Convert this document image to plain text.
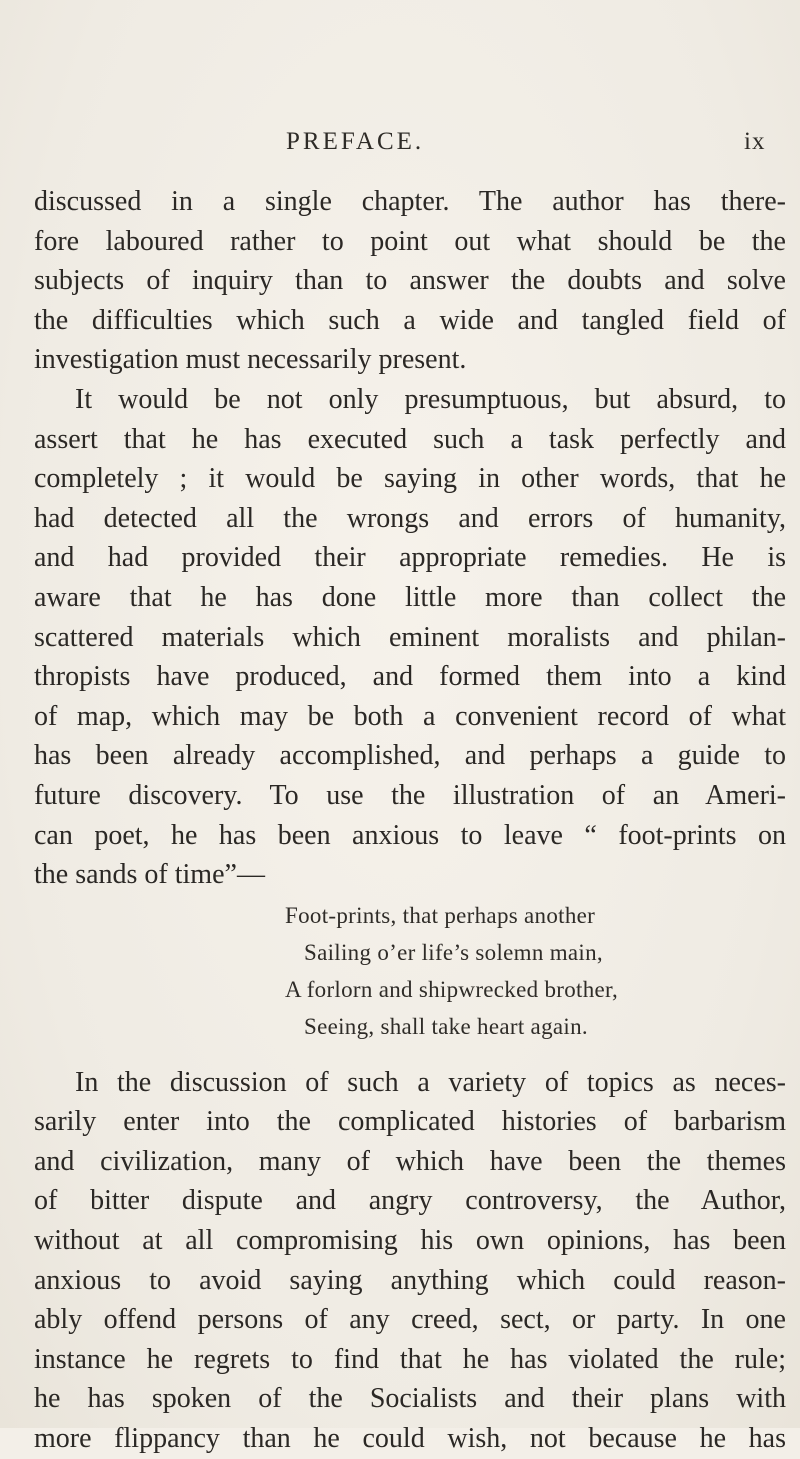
PREFACE.	ix
discussed in a single chapter. The author has there-
fore laboured rather to point out what should be the
subjects of inquiry than to answer the doubts and solve
the difficulties which such a wide and tangled field of
investigation must necessarily present.
It would be not only presumptuous, but absurd, to
assert that he has executed such a task perfectly and
completely ; it would be saying in other words, that he
had detected all the wrongs and errors of humanity,
and had provided their appropriate remedies. He is
aware that he has done little more than collect the
scattered materials which eminent moralists and philan-
thropists have produced, and formed them into a kind
of map, which may be both a convenient record of what
has been already accomplished, and perhaps a guide to
future discovery. To use the illustration of an Ameri-
can poet, he has been anxious to leave “ foot-prints on
the sands of time”—
Foot-prints, that perhaps another
Sailing o’er life’s solemn main,
A forlorn and shipwrecked brother,
Seeing, shall take heart again.
In the discussion of such a variety of topics as neces-
sarily enter into the complicated histories of barbarism
and civilization, many of which have been the themes
of bitter dispute and angry controversy, the Author,
without at all compromising his own opinions, has been
anxious to avoid saying anything which could reason-
ably offend persons of any creed, sect, or party. In one
instance he regrets to find that he has violated the rule;
he has spoken of the Socialists and their plans with
more flippancy than he could wish, not because he has
